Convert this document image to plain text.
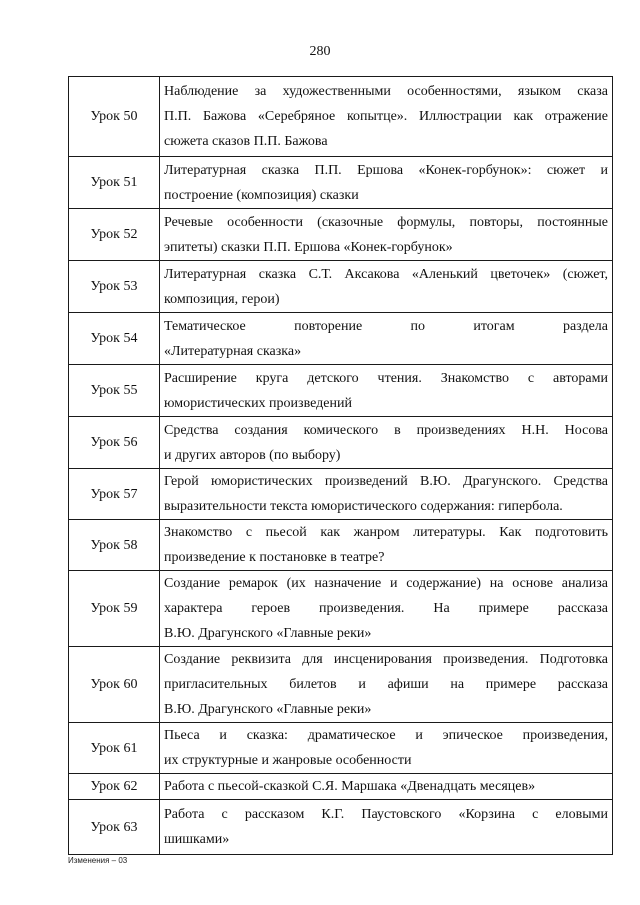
280
Урок 50	Наблюдение за художественными особенностями, языком сказа
П.П. Бажова «Серебряное копытце». Иллюстрации как отражение
сюжета сказов П.П. Бажова

Урок 51	Литературная сказка П.П. Ершова «Конек-горбунок»: сюжет и
построение (композиция) сказки

Урок 52	Речевые особенности (сказочные формулы, повторы, постоянные
эпитеты) сказки П.П. Ершова «Конек-горбунок»

Урок 53	Литературная сказка С.Т. Аксакова «Аленький цветочек» (сюжет,
композиция, герои)

Урок 54	Тематическое повторение по итогам раздела
«Литературная сказка»

Урок 55	Расширение круга детского чтения. Знакомство с авторами
юмористических произведений

Урок 56	Средства создания комического в произведениях Н.Н. Носова
и других авторов (по выбору)

Урок 57	Герой юмористических произведений В.Ю. Драгунского. Средства
выразительности текста юмористического содержания: гипербола.

Урок 58	Знакомство с пьесой как жанром литературы. Как подготовить
произведение к постановке в театре?

Урок 59	Создание ремарок (их назначение и содержание) на основе анализа
характера героев произведения. На примере рассказа
В.Ю. Драгунского «Главные реки»

Урок 60	Создание реквизита для инсценирования произведения. Подготовка
пригласительных билетов и афиши на примере рассказа
В.Ю. Драгунского «Главные реки»

Урок 61	Пьеса и сказка: драматическое и эпическое произведения,
их структурные и жанровые особенности

Урок 62	Работа с пьесой-сказкой С.Я. Маршака «Двенадцать месяцев»

Урок 63	Работа с рассказом К.Г. Паустовского «Корзина с еловыми
шишками»
Изменения – 03
